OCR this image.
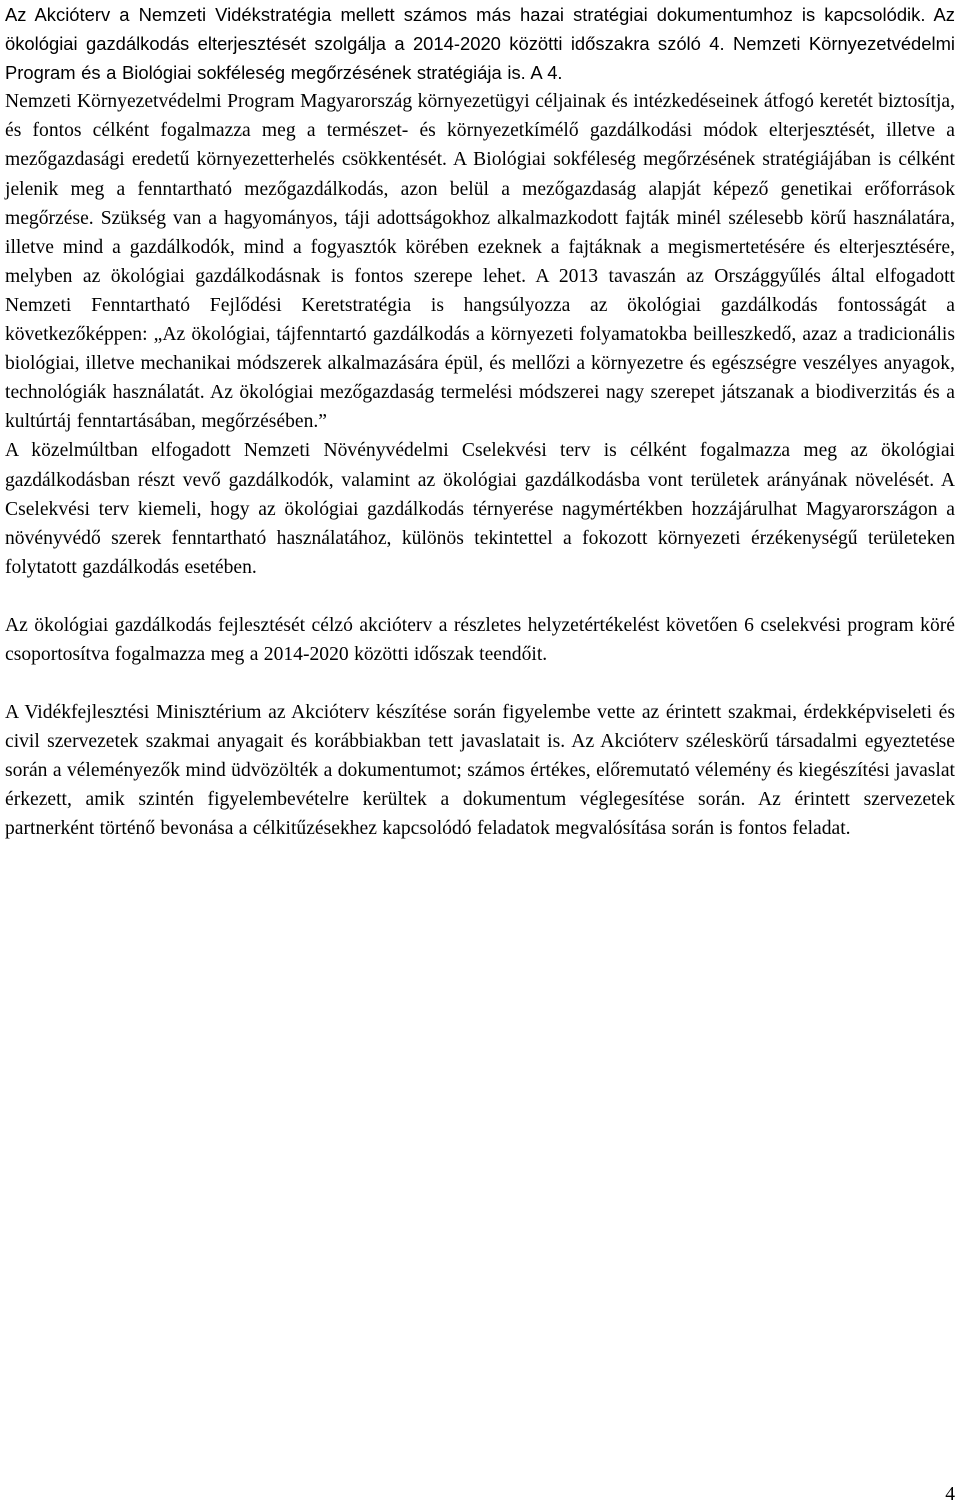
Az Akcióterv a Nemzeti Vidékstratégia mellett számos más hazai stratégiai dokumentumhoz is kapcsolódik. Az ökológiai gazdálkodás elterjesztését szolgálja a 2014-2020 közötti időszakra szóló 4. Nemzeti Környezetvédelmi Program és a Biológiai sokféleség megőrzésének stratégiája is. A 4.

Nemzeti Környezetvédelmi Program Magyarország környezetügyi céljainak és intézkedéseinek átfogó keretét biztosítja, és fontos célként fogalmazza meg a természet- és környezetkímélő gazdálkodási módok elterjesztését, illetve a mezőgazdasági eredetű környezetterhelés csökkentését. A Biológiai sokféleség megőrzésének stratégiájában is célként jelenik meg a fenntartható mezőgazdálkodás, azon belül a mezőgazdaság alapját képező genetikai erőforrások megőrzése. Szükség van a hagyományos, táji adottságokhoz alkalmazkodott fajták minél szélesebb körű használatára, illetve mind a gazdálkodók, mind a fogyasztók körében ezeknek a fajtáknak a megismertetésére és elterjesztésére, melyben az ökológiai gazdálkodásnak is fontos szerepe lehet. A 2013 tavaszán az Országgyűlés által elfogadott Nemzeti Fenntartható Fejlődési Keretstratégia is hangsúlyozza az ökológiai gazdálkodás fontosságát a következőképpen: „Az ökológiai, tájfenntartó gazdálkodás a környezeti folyamatokba beilleszkedő, azaz a tradicionális biológiai, illetve mechanikai módszerek alkalmazására épül, és mellőzi a környezetre és egészségre veszélyes anyagok, technológiák használatát. Az ökológiai mezőgazdaság termelési módszerei nagy szerepet játszanak a biodiverzitás és a kultúrtáj fenntartásában, megőrzésében.”

A közelmúltban elfogadott Nemzeti Növényvédelmi Cselekvési terv is célként fogalmazza meg az ökológiai gazdálkodásban részt vevő gazdálkodók, valamint az ökológiai gazdálkodásba vont területek arányának növelését. A Cselekvési terv kiemeli, hogy az ökológiai gazdálkodás térnyerése nagymértékben hozzájárulhat Magyarországon a növényvédő szerek fenntartható használatához, különös tekintettel a fokozott környezeti érzékenységű területeken folytatott gazdálkodás esetében.

Az ökológiai gazdálkodás fejlesztését célzó akcióterv a részletes helyzetértékelést követően 6 cselekvési program köré csoportosítva fogalmazza meg a 2014-2020 közötti időszak teendőit.

A Vidékfejlesztési Minisztérium az Akcióterv készítése során figyelembe vette az érintett szakmai, érdekképviseleti és civil szervezetek szakmai anyagait és korábbiakban tett javaslatait is. Az Akcióterv széleskörű társadalmi egyeztetése során a véleményezők mind üdvözölték a dokumentumot; számos értékes, előremutató vélemény és kiegészítési javaslat érkezett, amik szintén figyelembevételre kerültek a dokumentum véglegesítése során. Az érintett szervezetek partnerként történő bevonása a célkitűzésekhez kapcsolódó feladatok megvalósítása során is fontos feladat.

4
